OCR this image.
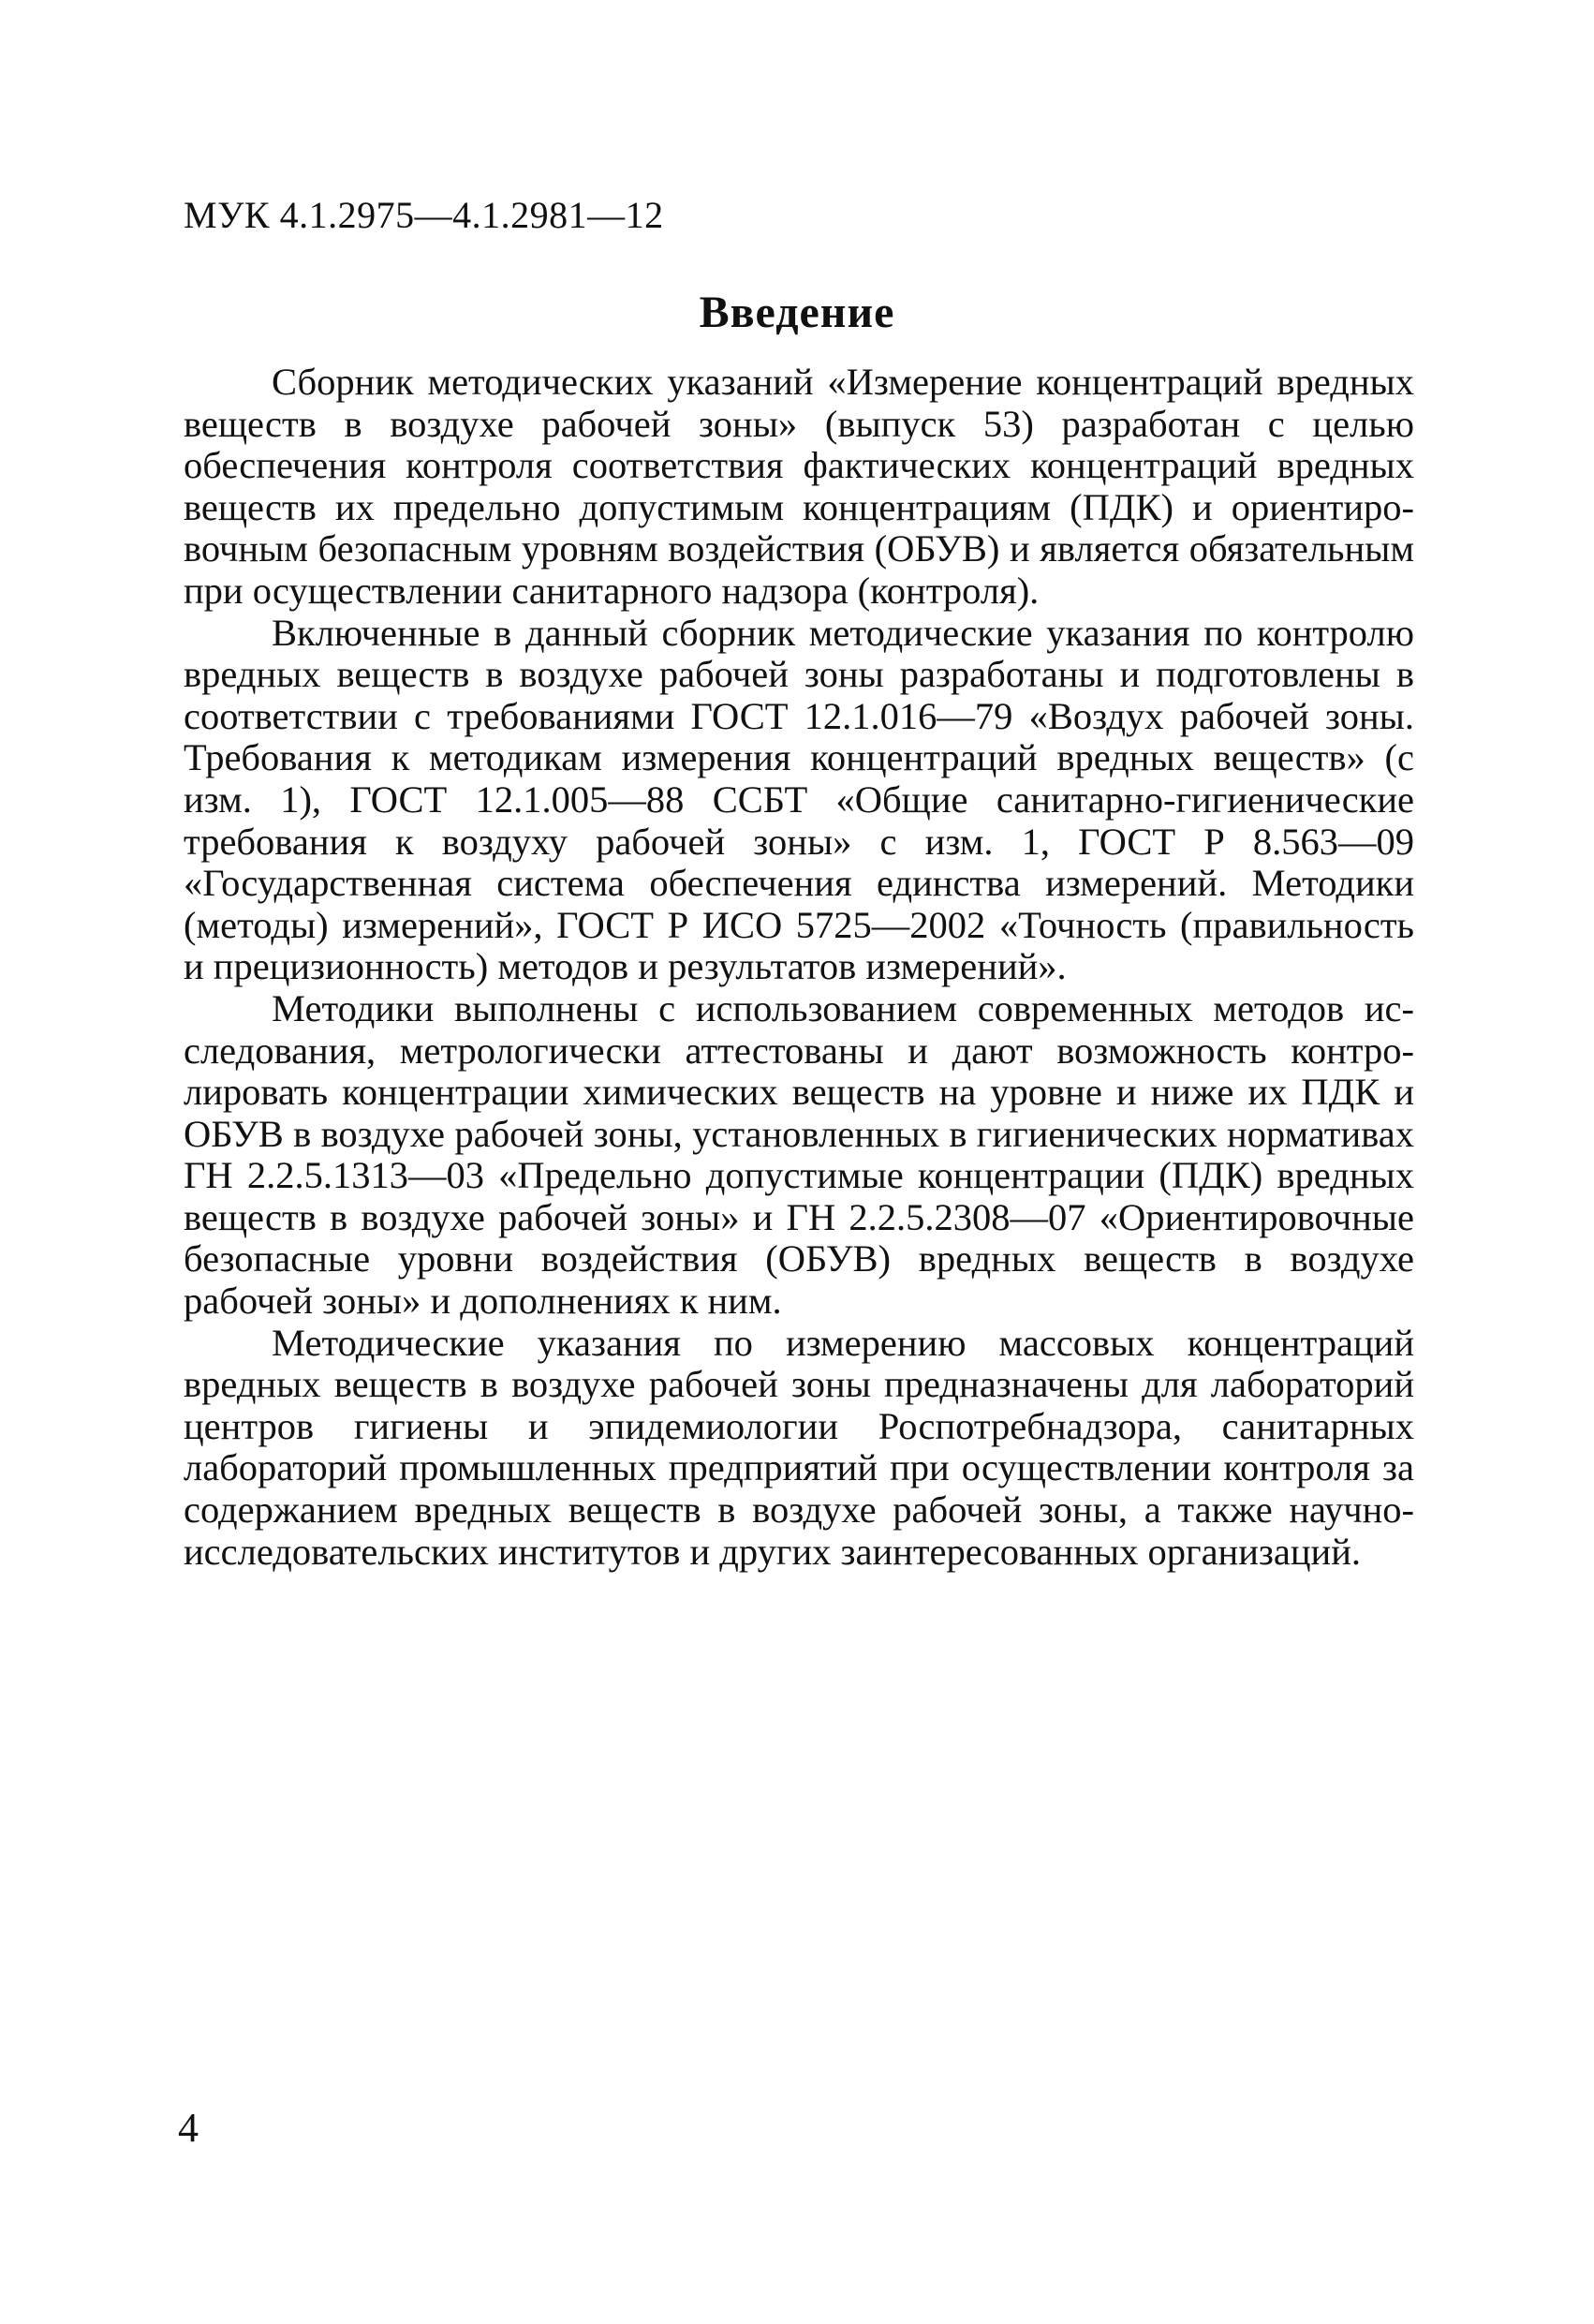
МУК 4.1.2975—4.1.2981—12
Введение

Сборник методических указаний «Измерение концентраций вредных веществ в воздухе рабочей зоны» (выпуск 53) разработан с целью обеспечения контроля соответствия фактических концентраций вредных веществ их предельно допустимым концентрациям (ПДК) и ориентировочным безопасным уровням воздействия (ОБУВ) и является обязательным при осуществлении санитарного надзора (контроля).

Включенные в данный сборник методические указания по контролю вредных веществ в воздухе рабочей зоны разработаны и подготовлены в соответствии с требованиями ГОСТ 12.1.016—79 «Воздух рабочей зоны. Требования к методикам измерения концентраций вредных веществ» (с изм. 1), ГОСТ 12.1.005—88 ССБТ «Общие санитарно-гигиенические требования к воздуху рабочей зоны» с изм. 1, ГОСТ Р 8.563—09 «Государственная система обеспечения единства измерений. Методики (методы) измерений», ГОСТ Р ИСО 5725—2002 «Точность (правильность и прецизионность) методов и результатов измерений».

Методики выполнены с использованием современных методов исследования, метрологически аттестованы и дают возможность контролировать концентрации химических веществ на уровне и ниже их ПДК и ОБУВ в воздухе рабочей зоны, установленных в гигиенических нормативах ГН 2.2.5.1313—03 «Предельно допустимые концентрации (ПДК) вредных веществ в воздухе рабочей зоны» и ГН 2.2.5.2308—07 «Ориентировочные безопасные уровни воздействия (ОБУВ) вредных веществ в воздухе рабочей зоны» и дополнениях к ним.

Методические указания по измерению массовых концентраций вредных веществ в воздухе рабочей зоны предназначены для лабораторий центров гигиены и эпидемиологии Роспотребнадзора, санитарных лабораторий промышленных предприятий при осуществлении контроля за содержанием вредных веществ в воздухе рабочей зоны, а также научно-исследовательских институтов и других заинтересованных организаций.

4
